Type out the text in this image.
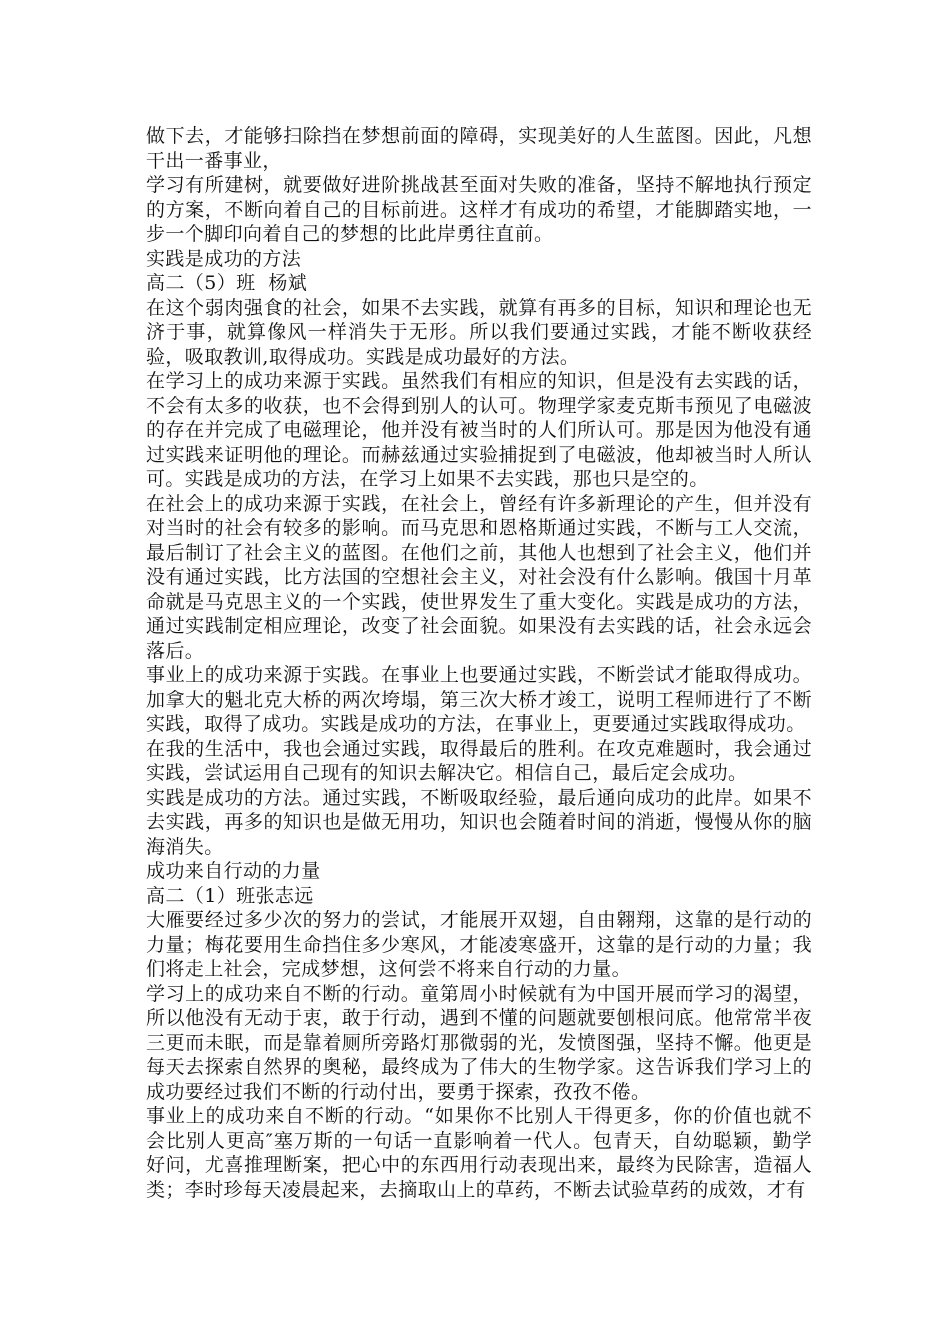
做下去，才能够扫除挡在梦想前面的障碍，实现美好的人生蓝图。因此，凡想干出一番事业，

学习有所建树，就要做好进阶挑战甚至面对失败的准备，坚持不解地执行预定的方案，不断向着自己的目标前进。这样才有成功的希望，才能脚踏实地，一步一个脚印向着自己的梦想的比此岸勇往直前。

实践是成功的方法

高二（5）班  杨斌

在这个弱肉强食的社会，如果不去实践，就算有再多的目标，知识和理论也无济于事，就算像风一样消失于无形。所以我们要通过实践，才能不断收获经验，吸取教训,取得成功。实践是成功最好的方法。

在学习上的成功来源于实践。虽然我们有相应的知识，但是没有去实践的话，不会有太多的收获，也不会得到别人的认可。物理学家麦克斯韦预见了电磁波的存在并完成了电磁理论，他并没有被当时的人们所认可。那是因为他没有通过实践来证明他的理论。而赫兹通过实验捕捉到了电磁波，他却被当时人所认可。实践是成功的方法，在学习上如果不去实践，那也只是空的。

在社会上的成功来源于实践，在社会上，曾经有许多新理论的产生，但并没有对当时的社会有较多的影响。而马克思和恩格斯通过实践，不断与工人交流，最后制订了社会主义的蓝图。在他们之前，其他人也想到了社会主义，他们并没有通过实践，比方法国的空想社会主义，对社会没有什么影响。俄国十月革命就是马克思主义的一个实践，使世界发生了重大变化。实践是成功的方法，通过实践制定相应理论，改变了社会面貌。如果没有去实践的话，社会永远会落后。

事业上的成功来源于实践。在事业上也要通过实践，不断尝试才能取得成功。加拿大的魁北克大桥的两次垮塌，第三次大桥才竣工，说明工程师进行了不断实践，取得了成功。实践是成功的方法，在事业上，更要通过实践取得成功。

在我的生活中，我也会通过实践，取得最后的胜利。在攻克难题时，我会通过实践，尝试运用自己现有的知识去解决它。相信自己，最后定会成功。

实践是成功的方法。通过实践，不断吸取经验，最后通向成功的此岸。如果不去实践，再多的知识也是做无用功，知识也会随着时间的消逝，慢慢从你的脑海消失。

成功来自行动的力量

高二（1）班张志远

大雁要经过多少次的努力的尝试，才能展开双翅，自由翱翔，这靠的是行动的力量；梅花要用生命挡住多少寒风，才能凌寒盛开，这靠的是行动的力量；我们将走上社会，完成梦想，这何尝不将来自行动的力量。

学习上的成功来自不断的行动。童第周小时候就有为中国开展而学习的渴望，所以他没有无动于衷，敢于行动，遇到不懂的问题就要刨根问底。他常常半夜三更而未眠，而是靠着厕所旁路灯那微弱的光，发愤图强，坚持不懈。他更是每天去探索自然界的奥秘，最终成为了伟大的生物学家。这告诉我们学习上的成功要经过我们不断的行动付出，要勇于探索，孜孜不倦。

事业上的成功来自不断的行动。“如果你不比别人干得更多，你的价值也就不会比别人更高″塞万斯的一句话一直影响着一代人。包青天，自幼聪颖，勤学好问，尤喜推理断案，把心中的东西用行动表现出来，最终为民除害，造福人类；李时珍每天凌晨起来，去摘取山上的草药，不断去试验草药的成效，才有
